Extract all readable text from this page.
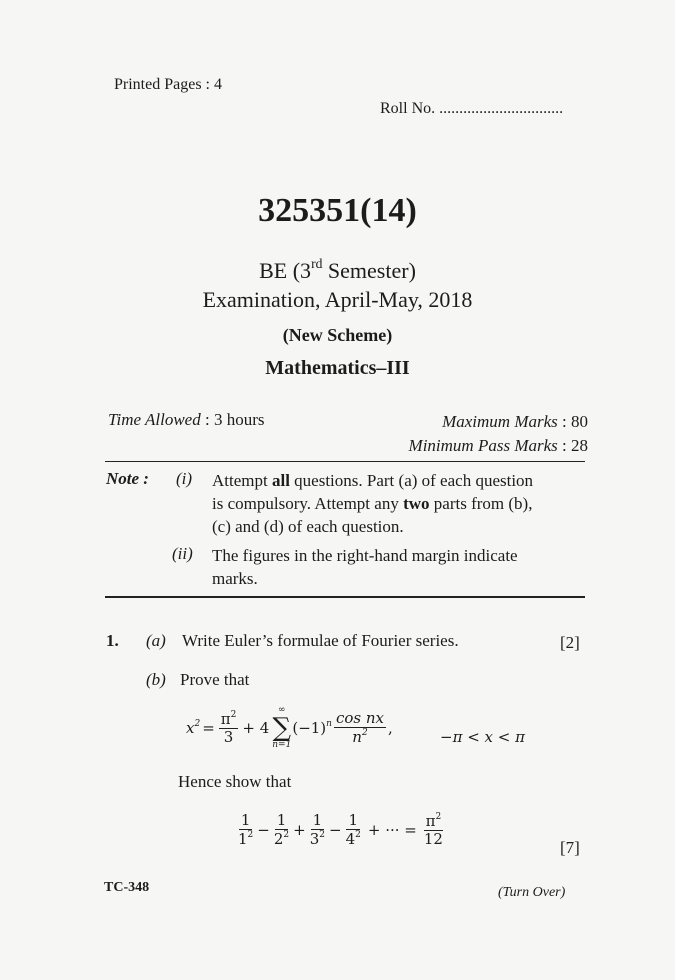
Printed Pages : 4
Roll No. ...............................
325351(14)
BE (3rd Semester)
Examination, April-May, 2018
(New Scheme)
Mathematics–III
Time Allowed : 3 hours	Maximum Marks : 80
Minimum Pass Marks : 28
Note : (i) Attempt all questions. Part (a) of each question
is compulsory. Attempt any two parts from (b),
(c) and (d) of each question.
(ii) The figures in the right-hand margin indicate
marks.
1. (a) Write Euler’s formulae of Fourier series.	[2]
(b) Prove that
$x^2 = \frac{\pi^2}{3} + 4$
∞
∑
n=1
$(-1)^n \frac{\text{cos nx}}{n^2}$ ,	−π < x < π
Hence show that
$\frac{1}{1^2} - \frac{1}{2^2} + \frac{1}{3^2} - \frac{1}{4^2}$ + ··· = $\frac{\pi^2}{12}$	[7]
TC-348	(Turn Over)
